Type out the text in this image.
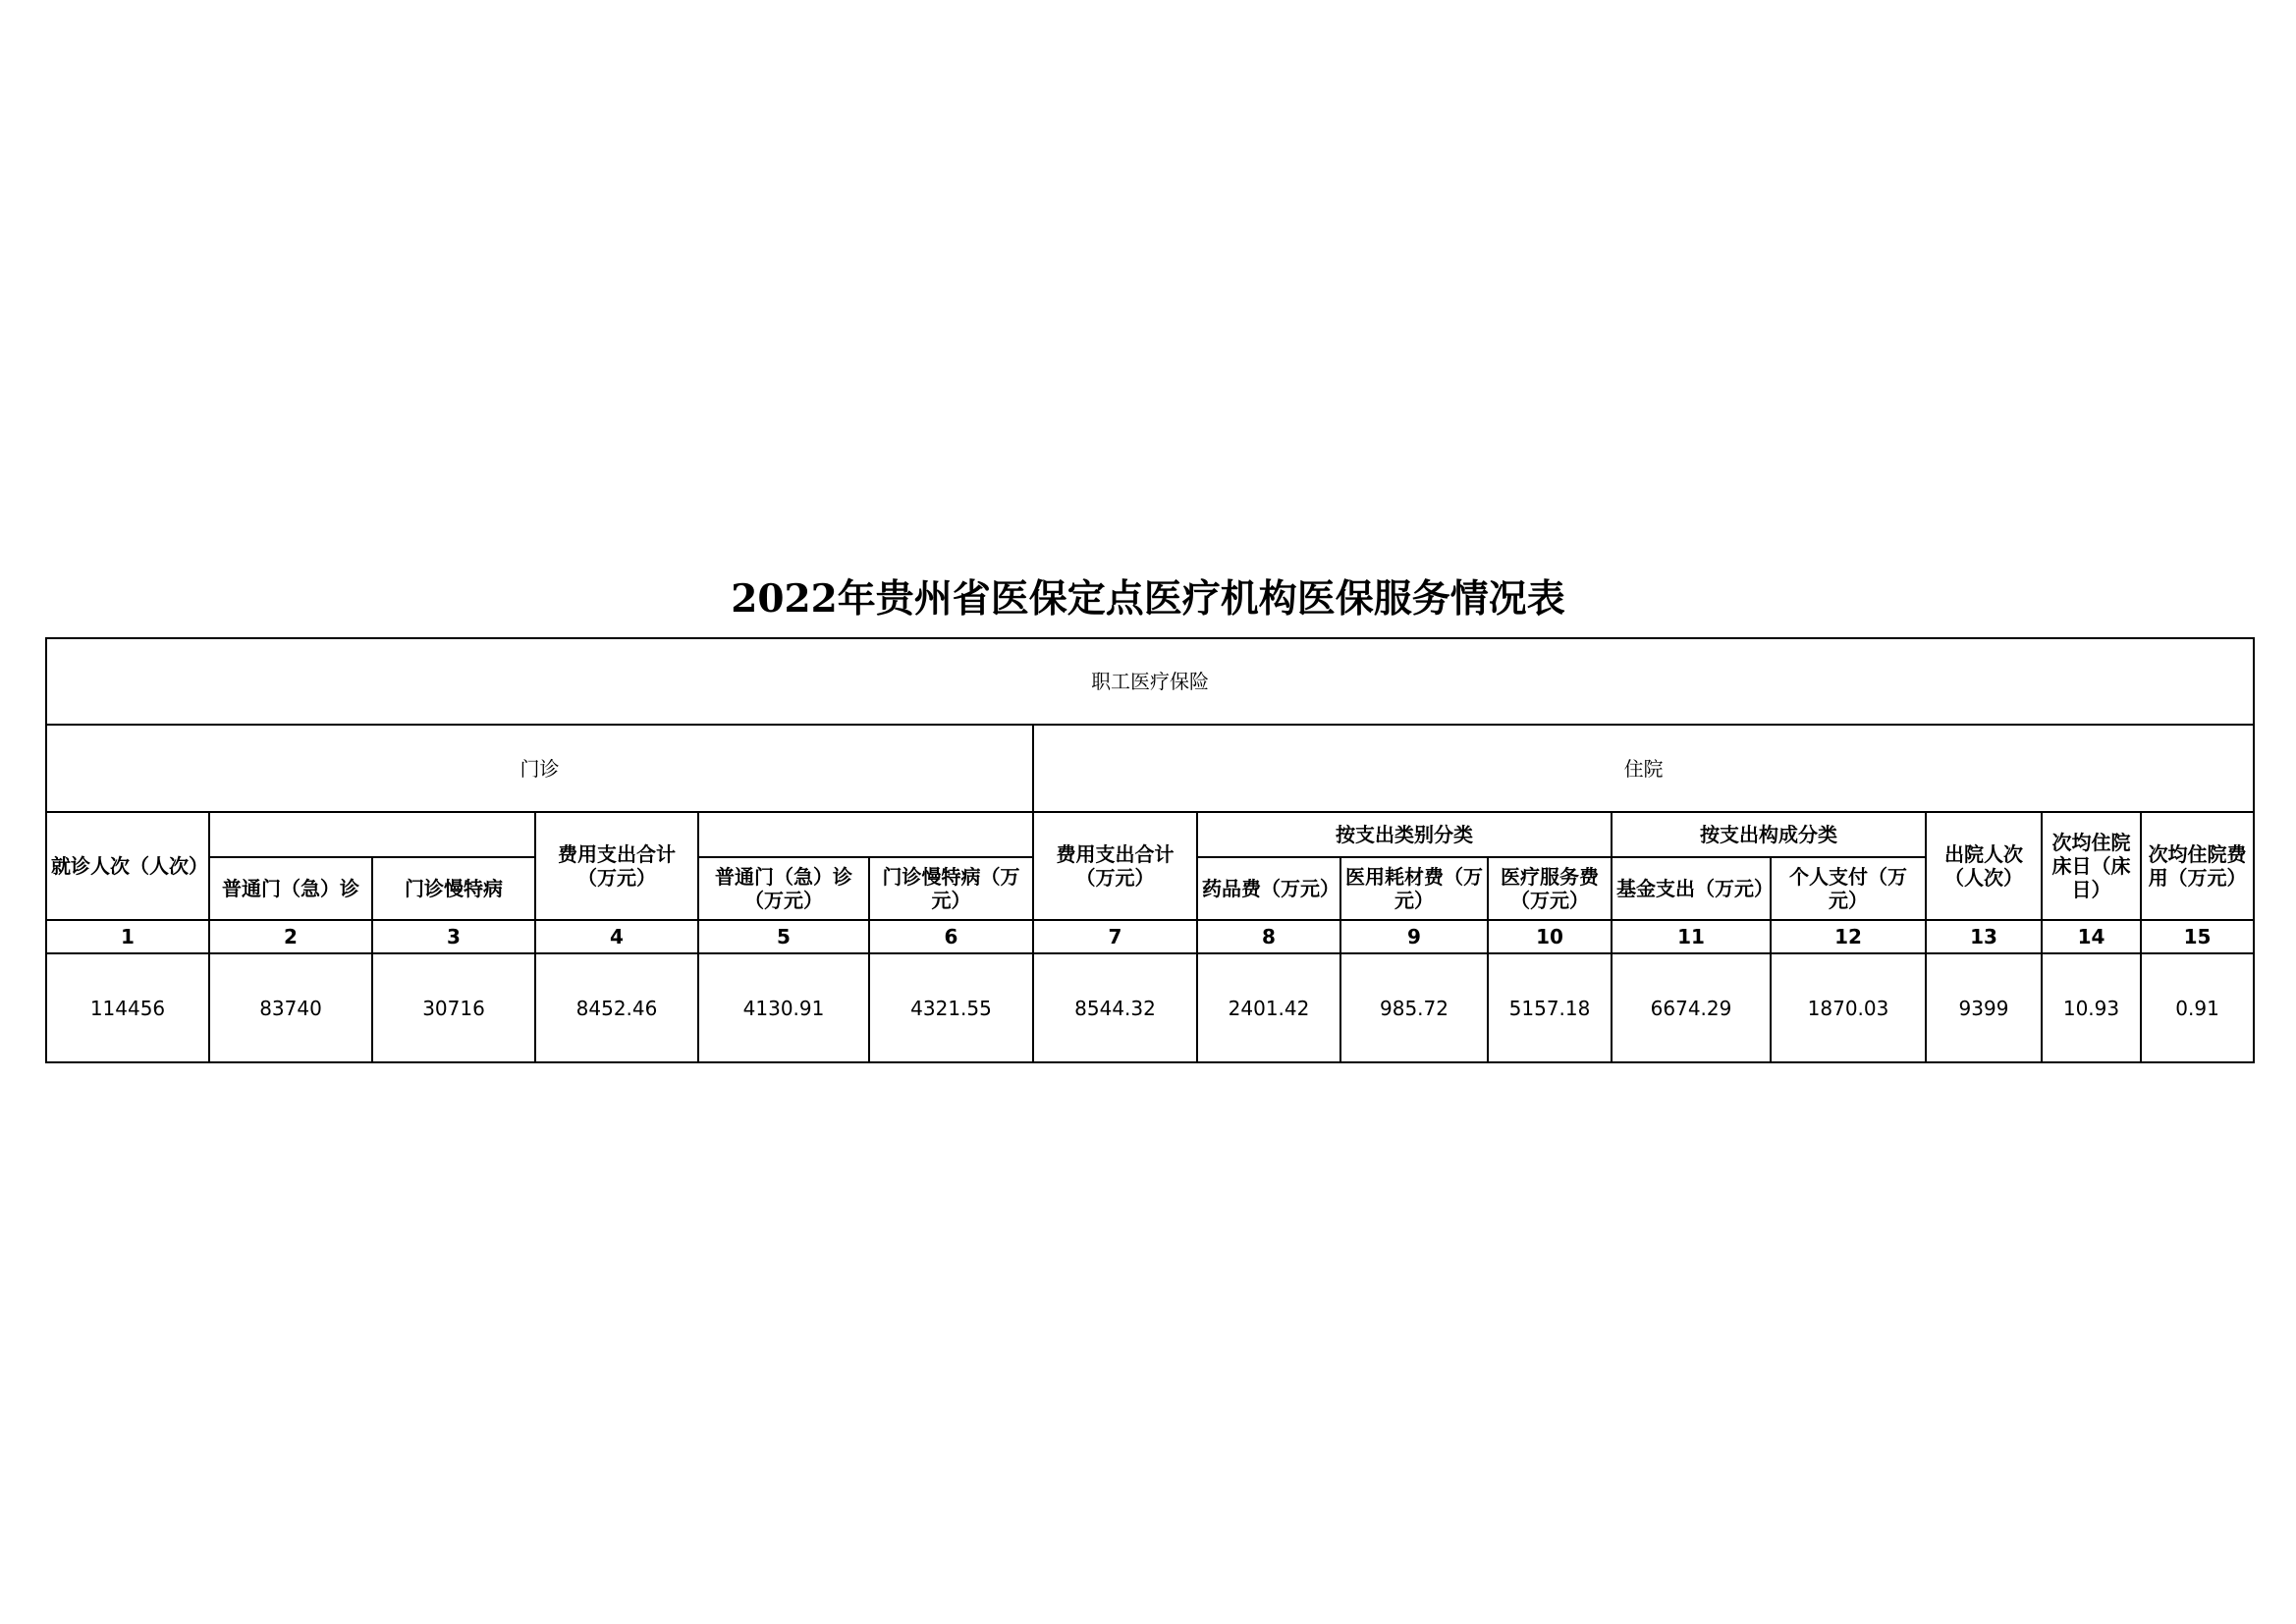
2022年贵州省医保定点医疗机构医保服务情况表
职工医疗保险														
门诊						住院								

就诊人次（人次）			费用支出合计（万元）			费用支出合计（万元）	按支出类别分类			按支出构成分类		出院人次（人次）	次均住院床日（床日）	次均住院费用（万元）

	普通门（急）诊	门诊慢特病		普通门（急）诊（万元）	门诊慢特病（万元）		药品费（万元）	医用耗材费（万元）	医疗服务费（万元）	基金支出（万元）	个人支付（万元）			

1	2	3	4	5	6	7	8	9	10	11	12	13	14	15
114456	83740	30716	8452.46	4130.91	4321.55	8544.32	2401.42	985.72	5157.18	6674.29	1870.03	9399	10.93	0.91
